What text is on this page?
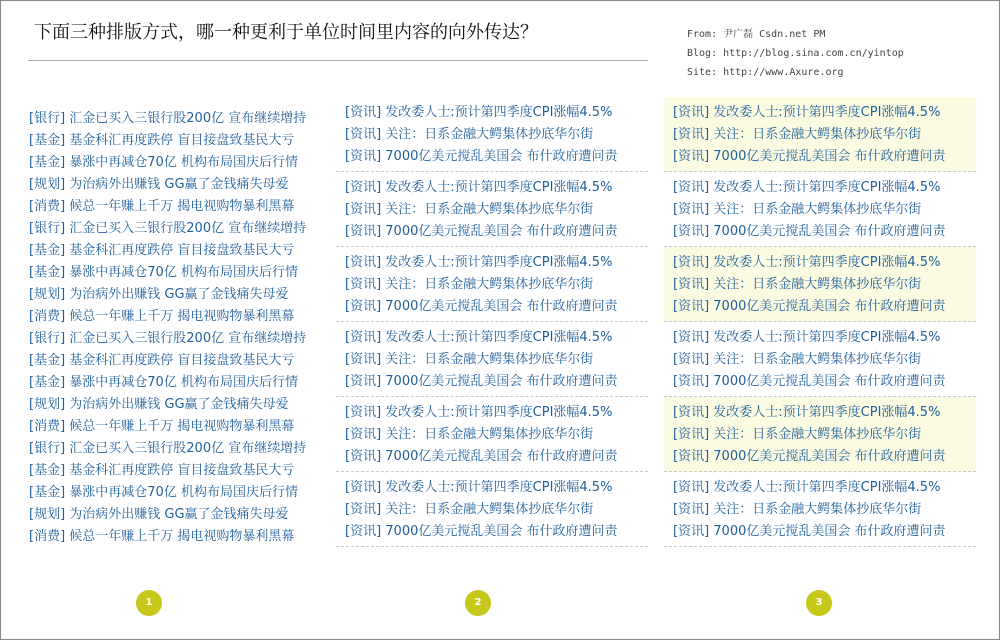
下面三种排版方式，哪一种更利于单位时间里内容的向外传达？	From: 尹广磊 Csdn.net PM
Blog: http://blog.sina.com.cn/yintop
Site: http://www.Axure.org
[银行] 汇金已买入三银行股200亿 宣布继续增持
[基金] 基金科汇再度跌停 盲目接盘致基民大亏
[基金] 暴涨中再减仓70亿 机构布局国庆后行情
[规划] 为治病外出赚钱 GG赢了金钱痛失母爱
[消费] 候总一年赚上千万 揭电视购物暴利黑幕
[银行] 汇金已买入三银行股200亿 宣布继续增持
[基金] 基金科汇再度跌停 盲目接盘致基民大亏
[基金] 暴涨中再减仓70亿 机构布局国庆后行情
[规划] 为治病外出赚钱 GG赢了金钱痛失母爱
[消费] 候总一年赚上千万 揭电视购物暴利黑幕
[银行] 汇金已买入三银行股200亿 宣布继续增持
[基金] 基金科汇再度跌停 盲目接盘致基民大亏
[基金] 暴涨中再减仓70亿 机构布局国庆后行情
[规划] 为治病外出赚钱 GG赢了金钱痛失母爱
[消费] 候总一年赚上千万 揭电视购物暴利黑幕
[银行] 汇金已买入三银行股200亿 宣布继续增持
[基金] 基金科汇再度跌停 盲目接盘致基民大亏
[基金] 暴涨中再减仓70亿 机构布局国庆后行情
[规划] 为治病外出赚钱 GG赢了金钱痛失母爱
[消费] 候总一年赚上千万 揭电视购物暴利黑幕
[资讯] 发改委人士:预计第四季度CPI涨幅4.5%
[资讯] 关注：日系金融大鳄集体抄底华尔街
[资讯] 7000亿美元搅乱美国会 布什政府遭问责
[资讯] 发改委人士:预计第四季度CPI涨幅4.5%
[资讯] 关注：日系金融大鳄集体抄底华尔街
[资讯] 7000亿美元搅乱美国会 布什政府遭问责
[资讯] 发改委人士:预计第四季度CPI涨幅4.5%
[资讯] 关注：日系金融大鳄集体抄底华尔街
[资讯] 7000亿美元搅乱美国会 布什政府遭问责
[资讯] 发改委人士:预计第四季度CPI涨幅4.5%
[资讯] 关注：日系金融大鳄集体抄底华尔街
[资讯] 7000亿美元搅乱美国会 布什政府遭问责
[资讯] 发改委人士:预计第四季度CPI涨幅4.5%
[资讯] 关注：日系金融大鳄集体抄底华尔街
[资讯] 7000亿美元搅乱美国会 布什政府遭问责
[资讯] 发改委人士:预计第四季度CPI涨幅4.5%
[资讯] 关注：日系金融大鳄集体抄底华尔街
[资讯] 7000亿美元搅乱美国会 布什政府遭问责
[资讯] 发改委人士:预计第四季度CPI涨幅4.5%
[资讯] 关注：日系金融大鳄集体抄底华尔街
[资讯] 7000亿美元搅乱美国会 布什政府遭问责
[资讯] 发改委人士:预计第四季度CPI涨幅4.5%
[资讯] 关注：日系金融大鳄集体抄底华尔街
[资讯] 7000亿美元搅乱美国会 布什政府遭问责
[资讯] 发改委人士:预计第四季度CPI涨幅4.5%
[资讯] 关注：日系金融大鳄集体抄底华尔街
[资讯] 7000亿美元搅乱美国会 布什政府遭问责
[资讯] 发改委人士:预计第四季度CPI涨幅4.5%
[资讯] 关注：日系金融大鳄集体抄底华尔街
[资讯] 7000亿美元搅乱美国会 布什政府遭问责
[资讯] 发改委人士:预计第四季度CPI涨幅4.5%
[资讯] 关注：日系金融大鳄集体抄底华尔街
[资讯] 7000亿美元搅乱美国会 布什政府遭问责
[资讯] 发改委人士:预计第四季度CPI涨幅4.5%
[资讯] 关注：日系金融大鳄集体抄底华尔街
[资讯] 7000亿美元搅乱美国会 布什政府遭问责
1	2	3
